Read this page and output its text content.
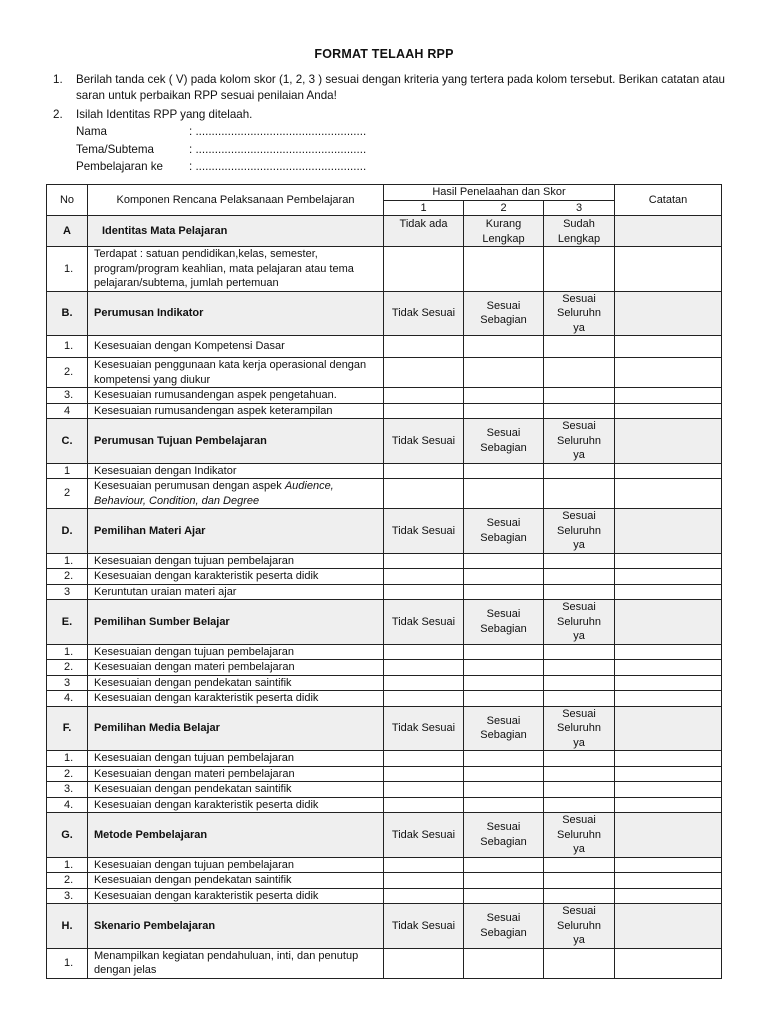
FORMAT TELAAH RPP
1.	Berilah tanda cek ( V) pada kolom skor (1, 2, 3 ) sesuai dengan kriteria yang tertera pada kolom tersebut. Berikan catatan atau saran untuk perbaikan RPP sesuai penilaian Anda!
2.	Isilah Identitas RPP yang ditelaah.
Nama	: .....................................................
Tema/Subtema	: .....................................................
Pembelajaran ke : .....................................................
No	Komponen Rencana Pelaksanaan Pembelajaran	Hasil Penelaahan dan Skor			Catatan
		1	2	3	
A	Identitas Mata Pelajaran	Tidak ada	Kurang Lengkap	Sudah Lengkap	
1.	Terdapat : satuan pendidikan,kelas, semester, program/program keahlian, mata pelajaran atau tema pelajaran/subtema, jumlah pertemuan				
B.	Perumusan Indikator	Tidak Sesuai	Sesuai Sebagian	Sesuai Seluruhn ya	
1.	Kesesuaian dengan Kompetensi Dasar				
2.	Kesesuaian penggunaan kata kerja operasional dengan kompetensi yang diukur				
3.	Kesesuaian rumusandengan aspek pengetahuan.				
4	Kesesuaian rumusandengan aspek keterampilan				
C.	Perumusan Tujuan Pembelajaran	Tidak Sesuai	Sesuai Sebagian	Sesuai Seluruhn ya	
1	Kesesuaian dengan Indikator				
2	Kesesuaian perumusan dengan aspek Audience, Behaviour, Condition, dan Degree				
D.	Pemilihan Materi Ajar	Tidak Sesuai	Sesuai Sebagian	Sesuai Seluruhn ya	
1.	Kesesuaian dengan tujuan pembelajaran				
2.	Kesesuaian dengan karakteristik peserta didik				
3	Keruntutan uraian materi ajar				
E.	Pemilihan Sumber Belajar	Tidak Sesuai	Sesuai Sebagian	Sesuai Seluruhn ya	
1.	Kesesuaian dengan tujuan pembelajaran				
2.	Kesesuaian dengan materi pembelajaran				
3	Kesesuaian dengan pendekatan saintifik				
4.	Kesesuaian dengan karakteristik peserta didik				
F.	Pemilihan Media Belajar	Tidak Sesuai	Sesuai Sebagian	Sesuai Seluruhn ya	
1.	Kesesuaian dengan tujuan pembelajaran				
2.	Kesesuaian dengan materi pembelajaran				
3.	Kesesuaian dengan pendekatan saintifik				
4.	Kesesuaian dengan karakteristik peserta didik				
G.	Metode Pembelajaran	Tidak Sesuai	Sesuai Sebagian	Sesuai Seluruhn ya	
1.	Kesesuaian dengan tujuan pembelajaran				
2.	Kesesuaian dengan pendekatan saintifik				
3.	Kesesuaian dengan karakteristik peserta didik				
H.	Skenario Pembelajaran	Tidak Sesuai	Sesuai Sebagian	Sesuai Seluruhn ya	
1.	Menampilkan kegiatan pendahuluan, inti, dan penutup dengan jelas				
